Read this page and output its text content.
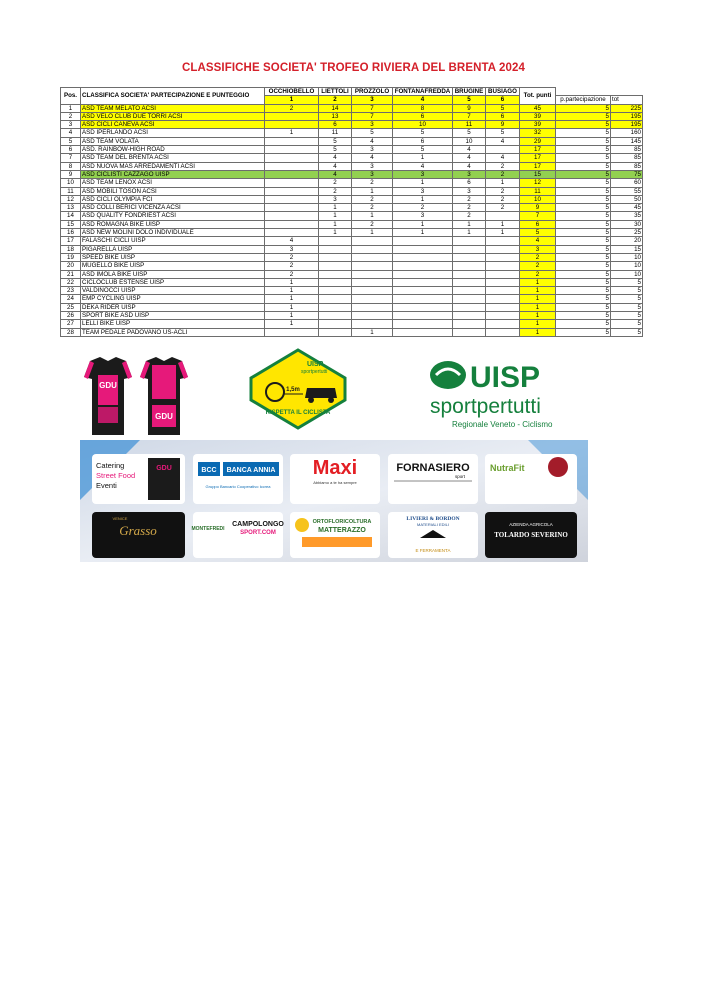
CLASSIFICHE SOCIETA' TROFEO RIVIERA DEL BRENTA 2024
Pos.	CLASSIFICA SOCIETA' PARTECIPAZIONE E PUNTEGGIO	OCCHIOBELLO	LIETTOLI	PROZZOLO	FONTANAFREDDA	BRUGINE	BUSIAGO	Tot. punti		
		1	2	3	4	5	6		p.partecipazione	tot
1	ASD TEAM MELATO ACSI	2	14	7	8	9	5	45	5	225
2	ASD VELO CLUB DUE TORRI ACSI		13	7	6	7	6	39	5	195
3	ASD CICLI CANEVA ACSI		6	3	10	11	9	39	5	195
4	ASD IPERLANDO ACSI	1	11	5	5	5	5	32	5	160
5	ASD TEAM VOLATA		5	4	6	10	4	29	5	145
6	ASD. RAINBOW-HIGH ROAD		5	3	5	4		17	5	85
7	ASD TEAM DEL BRENTA ACSI		4	4	1	4	4	17	5	85
8	ASD NUOVA MAS ARREDAMENTI ACSI		4	3	4	4	2	17	5	85
9	ASD CICLISTI CAZZAGO UISP		4	3	3	3	2	15	5	75
10	ASD TEAM LENOX ACSI		2	2	1	6	1	12	5	60
11	ASD MOBILI TOSON ACSI		2	1	3	3	2	11	5	55
12	ASD CICLI OLYMPIA FCI		3	2	1	2	2	10	5	50
13	ASD COLLI BERICI VICENZA ACSI		1	2	2	2	2	9	5	45
14	ASD QUALITY FONDRIEST ACSI		1	1	3	2		7	5	35
15	ASD ROMAGNA BIKE UISP		1	2	1	1	1	6	5	30
16	ASD NEW MOLINI DOLO INDIVIDUALE		1	1	1	1	1	5	5	25
17	FALASCHI CICLI UISP	4						4	5	20
18	PIGARELLA UISP	3						3	5	15
19	SPEED BIKE UISP	2						2	5	10
20	MUGELLO BIKE UISP	2						2	5	10
21	ASD IMOLA BIKE UISP	2						2	5	10
22	CICLOCLUB ESTENSE UISP	1						1	5	5
23	VALDINOCCI UISP	1						1	5	5
24	EMP CYCLING UISP	1						1	5	5
25	DEKA RIDER UISP	1						1	5	5
26	SPORT BIKE ASD UISP	1						1	5	5
27	LELLI BIKE UISP	1						1	5	5
28	TEAM PEDALE PADOVANO US-ACLI			1				1	5	5
GDU
GDU
UISP
sportpertutti
1,5m
RISPETTA IL CICLISTA
UISP
sportpertutti
Regionale Veneto - Ciclismo
Catering
Street Food
Eventi
GDU	BCC BANCA ANNIA
Gruppo Bancario Cooperativo Iccrea
Maxi
Abbiamo a te ha sempre
FORNASIERO
sport
NutraFit
Grasso
VENICE
MONTEFREDI
CAMPOLONGO
SPORT.COM
ORTOFLORICOLTURA
MATTERAZZO
LIVIERI & BORDON
MATERIALI EDILI
E FERRAMENTA
AZIENDA AGRICOLA
TOLARDO SEVERINO
